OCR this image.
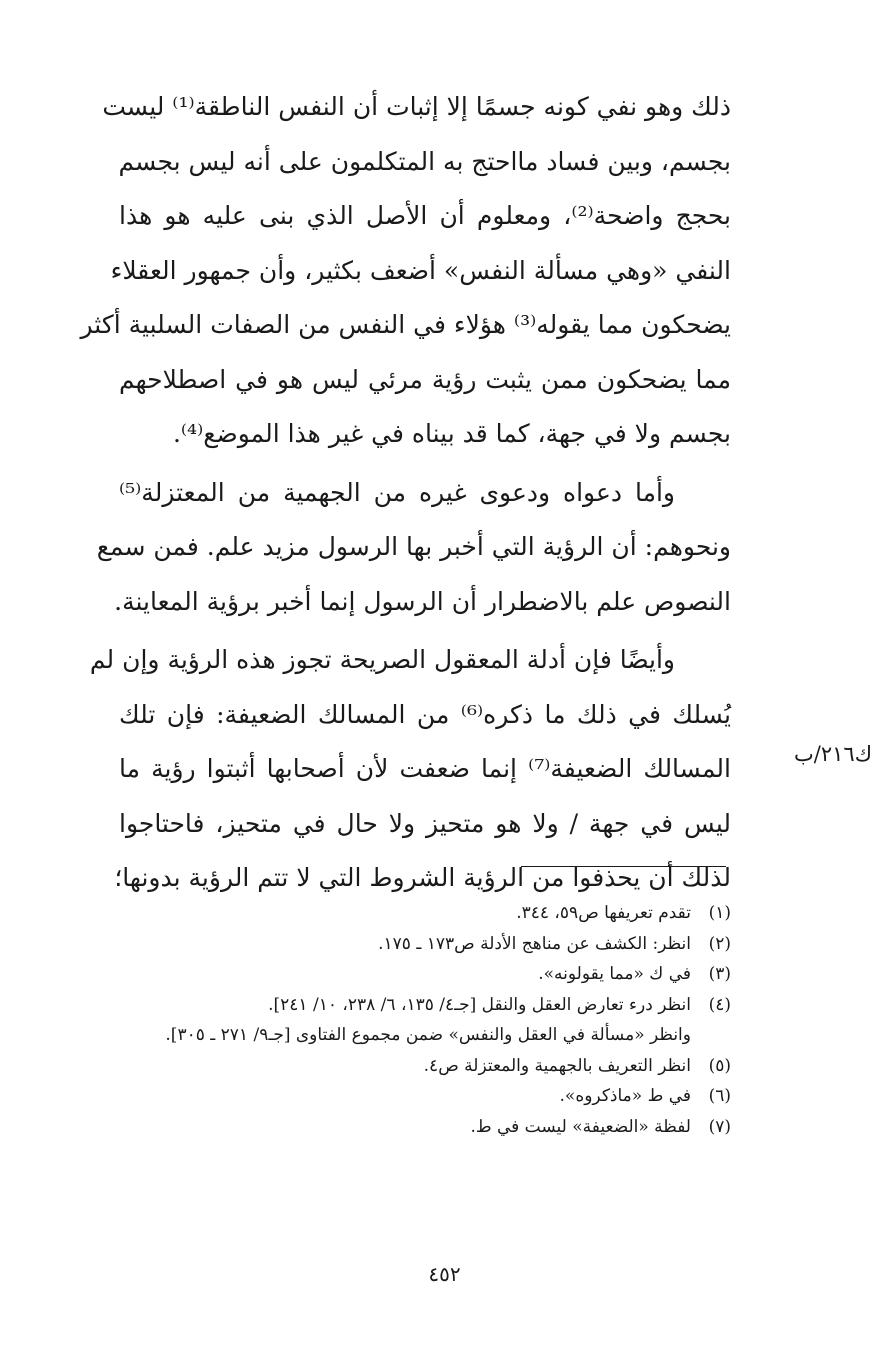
ذلك وهو نفي كونه جسمًا إلا إثبات أن النفس الناطقة⁽¹⁾ ليست
بجسم، وبين فساد مااحتج به المتكلمون على أنه ليس بجسم
بحجج واضحة⁽²⁾، ومعلوم أن الأصل الذي بنى عليه هو هذا
النفي «وهي مسألة النفس» أضعف بكثير، وأن جمهور العقلاء
يضحكون مما يقوله⁽³⁾ هؤلاء في النفس من الصفات السلبية أكثر
مما يضحكون ممن يثبت رؤية مرئي ليس هو في اصطلاحهم
بجسم ولا في جهة، كما قد بيناه في غير هذا الموضع⁽⁴⁾.
وأما دعواه ودعوى غيره من الجهمية من المعتزلة⁽⁵⁾
ونحوهم: أن الرؤية التي أخبر بها الرسول مزيد علم. فمن سمع
النصوص علم بالاضطرار أن الرسول إنما أخبر برؤية المعاينة.
وأيضًا فإن أدلة المعقول الصريحة تجوز هذه الرؤية وإن لم
يُسلك في ذلك ما ذكره⁽⁶⁾ من المسالك الضعيفة: فإن تلك
المسالك الضعيفة⁽⁷⁾ إنما ضعفت لأن أصحابها أثبتوا رؤية ما
ليس في جهة / ولا هو متحيز ولا حال في متحيز، فاحتاجوا
لذلك أن يحذفوا من الرؤية الشروط التي لا تتم الرؤية بدونها؛
ك٢١٦/ب
(١)
تقدم تعريفها ص٥٩، ٣٤٤.
(٢)
انظر: الكشف عن مناهج الأدلة ص١٧٣ ـ ١٧٥.
(٣)
في ك «مما يقولونه».
(٤)
انظر درء تعارض العقل والنقل [جـ٤/ ١٣٥، ٦/ ٢٣٨، ١٠/ ٢٤١].
وانظر «مسألة في العقل والنفس» ضمن مجموع الفتاوى [جـ٩/ ٢٧١ ـ ٣٠٥].
(٥)
انظر التعريف بالجهمية والمعتزلة ص٤.
(٦)
في ط «ماذكروه».
(٧)
لفظة «الضعيفة» ليست في ط.
٤٥٢
